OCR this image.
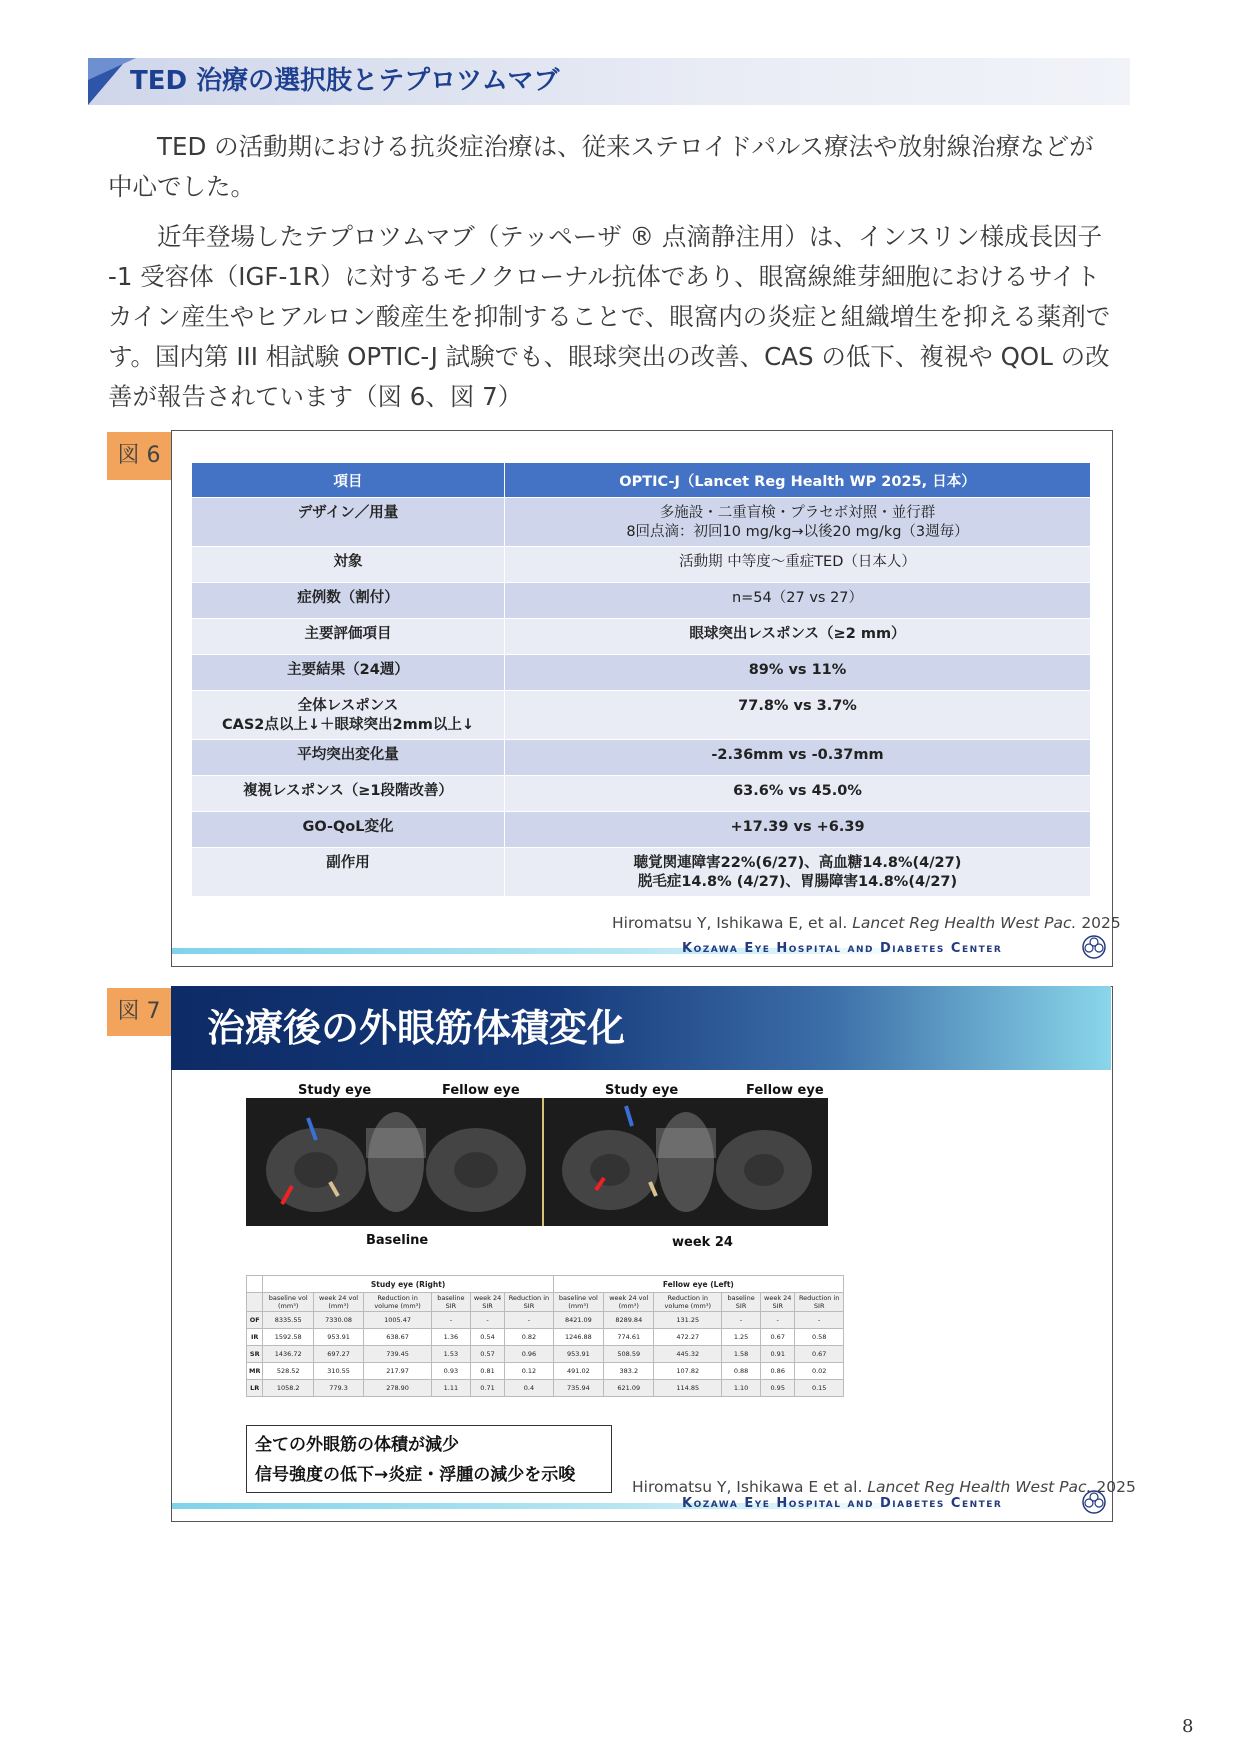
TED 治療の選択肢とテプロツムマブ
TED の活動期における抗炎症治療は、従来ステロイドパルス療法や放射線治療などが中心でした。
近年登場したテプロツムマブ（テッペーザ ® 点滴静注用）は、インスリン様成長因子 -1 受容体（IGF-1R）に対するモノクローナル抗体であり、眼窩線維芽細胞におけるサイトカイン産生やヒアルロン酸産生を抑制することで、眼窩内の炎症と組織増生を抑える薬剤です。国内第 III 相試験 OPTIC-J 試験でも、眼球突出の改善、CAS の低下、複視や QOL の改善が報告されています（図 6、図 7）
図 6
項目	OPTIC-J（Lancet Reg Health WP 2025, 日本）
デザイン／用量	多施設・二重盲検・プラセボ対照・並行群
8回点滴：初回10 mg/kg→以後20 mg/kg（3週毎）
対象	活動期 中等度〜重症TED（日本人）
症例数（割付）	n=54（27 vs 27）
主要評価項目	眼球突出レスポンス（≥2 mm）
主要結果（24週）	89% vs 11%
全体レスポンス
CAS2点以上↓＋眼球突出2mm以上↓	77.8% vs 3.7%
平均突出変化量	-2.36mm vs -0.37mm
複視レスポンス（≥1段階改善）	63.6% vs 45.0%
GO-QoL変化	+17.39 vs +6.39
副作用	聴覚関連障害22%(6/27)、高血糖14.8%(4/27)
脱毛症14.8% (4/27)、胃腸障害14.8%(4/27)
Hiromatsu Y, Ishikawa E, et al. Lancet Reg Health West Pac. 2025
Kozawa Eye Hospital and Diabetes Center
図 7 治療後の外眼筋体積変化
Study eye	Fellow eye	Study eye	Fellow eye
Baseline	week 24
	Study eye (Right)						Fellow eye (Left)					
	baseline vol (mm³)	week 24 vol (mm³)	Reduction in volume (mm³)	baseline SIR	week 24 SIR	Reduction in SIR	baseline vol (mm³)	week 24 vol (mm³)	Reduction in volume (mm³)	baseline SIR	week 24 SIR	Reduction in SIR
OF	8335.55	7330.08	1005.47	-	-	-	8421.09	8289.84	131.25	-	-	-
IR	1592.58	953.91	638.67	1.36	0.54	0.82	1246.88	774.61	472.27	1.25	0.67	0.58
SR	1436.72	697.27	739.45	1.53	0.57	0.96	953.91	508.59	445.32	1.58	0.91	0.67
MR	528.52	310.55	217.97	0.93	0.81	0.12	491.02	383.2	107.82	0.88	0.86	0.02
LR	1058.2	779.3	278.90	1.11	0.71	0.4	735.94	621.09	114.85	1.10	0.95	0.15
全ての外眼筋の体積が減少
信号強度の低下→炎症・浮腫の減少を示唆
Hiromatsu Y, Ishikawa E et al. Lancet Reg Health West Pac. 2025
Kozawa Eye Hospital and Diabetes Center
8
